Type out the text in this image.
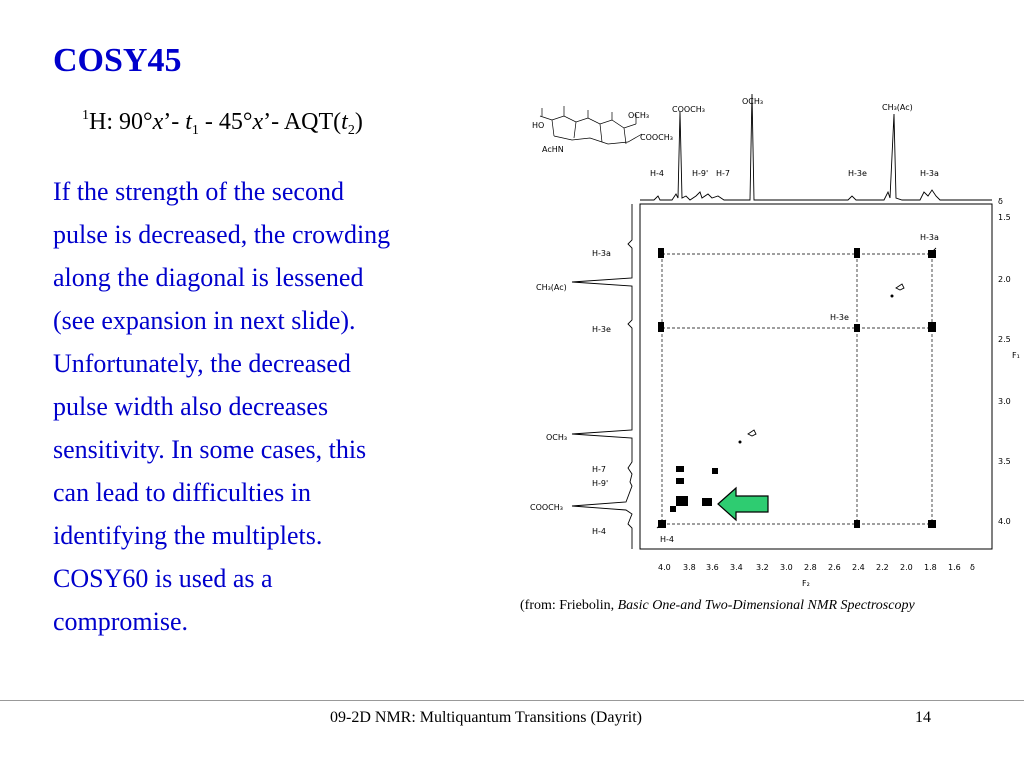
COSY45
$^1$H: 90°x’- $t_1$ - 45°x’- $AQT(t_2)$
If the strength of the second
pulse is decreased, the crowding
along the diagonal is lessened
(see expansion in next slide).
Unfortunately, the decreased
pulse width also decreases
sensitivity. In some cases, this
can lead to difficulties in
identifying the multiplets.
COSY60 is used as a
compromise.
HO
AcHN
OCH₃
COOCH₃
H-4	H-9' H-7
COOCH₃
OCH₃
CH₃(Ac)
H-3e	H-3a
H-3a
CH₃(Ac)
H-3e
OCH₃
H-7
H-9'
COOCH₃
H-4
H-3a
H-3e
H-4
4.0 3.8 3.6 3.4 3.2 3.0 2.8 2.6 2.4 2.2 2.0 1.8 1.6 δ
F₂
δ
1.5
2.0
2.5
3.0
3.5
4.0
F₁
(from: Friebolin, Basic One-and Two-Dimensional NMR Spectroscopy
09-2D NMR: Multiquantum Transitions (Dayrit)	14
